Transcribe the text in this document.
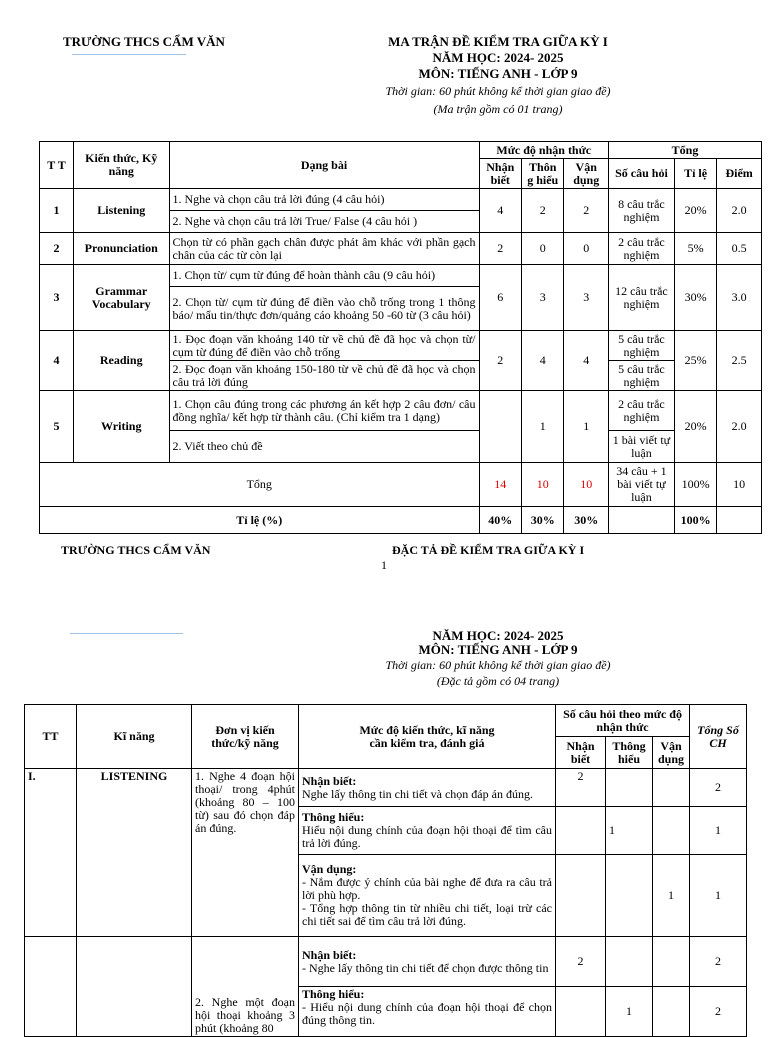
TRƯỜNG THCS CẨM VĂN	MA TRẬN ĐỀ KIỂM TRA GIỮA KỲ I
NĂM HỌC: 2024- 2025
MÔN: TIẾNG ANH - LỚP 9
Thời gian: 60 phút không kể thời gian giao đề)
(Ma trận gồm có 01 trang)
T T	Kiến thức, Kỹ năng	Dạng bài	Mức độ nhận thức			Tổng		
			Nhận biết	Thôn g hiểu	Vận dụng	Số câu hỏi	Tỉ lệ	Điểm
1	Listening	1. Nghe và chọn câu trả lời đúng (4 câu hỏi)	4	2	2	8 câu trắc nghiệm	20%	2.0
		2. Nghe và chọn câu trả lời True/ False (4 câu hỏi )						
2	Pronunciation	Chọn từ có phần gạch chân được phát âm khác với phần gạch chân của các từ còn lại	2	0	0	2 câu trắc nghiệm	5%	0.5
3	Grammar Vocabulary	1. Chọn từ/ cụm từ đúng để hoàn thành câu (9 câu hỏi)	6	3	3	12 câu trắc nghiệm	30%	3.0
		2. Chọn từ/ cụm từ đúng để điền vào chỗ trống trong 1 thông báo/ mẩu tin/thực đơn/quảng cáo khoảng 50 -60 từ (3 câu hỏi)						
4	Reading	1. Đọc đoạn văn khoảng 140 từ về chủ đề đã học và chọn từ/ cụm từ đúng để điền vào chỗ trống	2	4	4	5 câu trắc nghiệm	25%	2.5
		2. Đọc đoạn văn khoảng 150-180 từ về chủ đề đã học và chọn câu trả lời đúng				5 câu trắc nghiệm		
5	Writing	1. Chọn câu đúng trong các phương án kết hợp 2 câu đơn/ câu đồng nghĩa/ kết hợp từ thành câu. (Chỉ kiểm tra 1 dạng)		1	1	2 câu trắc nghiệm	20%	2.0
		2. Viết theo chủ đề				1 bài viết tự luận		
Tổng			14	10	10	34 câu + 1 bài viết tự luận	100%	10
Tỉ lệ (%)			40%	30%	30%		100%	
TRƯỜNG THCS CẨM VĂN	ĐẶC TẢ ĐỀ KIỂM TRA GIỮA KỲ I
1
NĂM HỌC: 2024- 2025
MÔN: TIẾNG ANH - LỚP 9
Thời gian: 60 phút không kể thời gian giao đề)
(Đặc tả gồm có 04 trang)
TT	Kĩ năng	Đơn vị kiến thức/kỹ năng	Mức độ kiến thức, kĩ năng
cần kiểm tra, đánh giá	Số câu hỏi theo mức độ nhận thức			Tổng Số CH
				Nhận biết	Thông hiểu	Vận dụng	
I.	LISTENING	1. Nghe 4 đoạn hội thoại/ trong 4phút (khoảng 80 – 100 từ) sau đó chọn đáp án đúng.	Nhận biết:
Nghe lấy thông tin chi tiết và chọn đáp án đúng.	2			2

			Thông hiểu:
Hiểu nội dung chính của đoạn hội thoại để tìm câu trả lời đúng.		1		1

			Vận dụng:
- Nắm được ý chính của bài nghe để đưa ra câu trả lời phù hợp.
- Tổng hợp thông tin từ nhiều chi tiết, loại trừ các chi tiết sai để tìm câu trả lời đúng.			1	1
		2. Nghe một đoạn hội thoại khoảng 3 phút (khoảng 80	Nhận biết:
- Nghe lấy thông tin chi tiết để chọn được thông tin	2			2

			Thông hiểu:
- Hiểu nội dung chính của đoạn hội thoại để chọn đúng thông tin.		1		2
